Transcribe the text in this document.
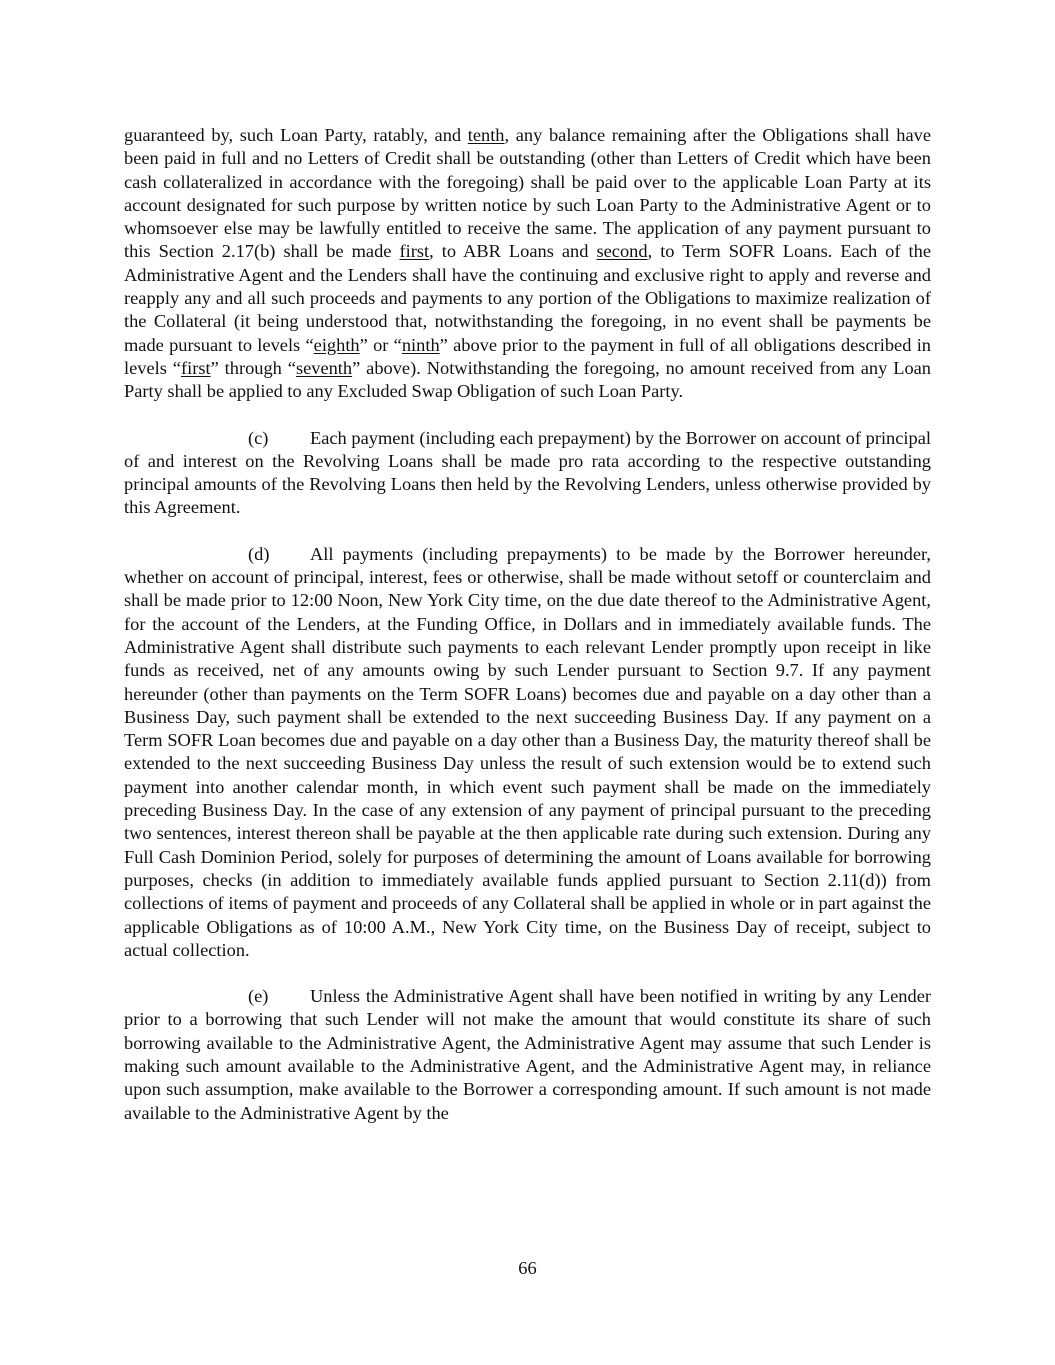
guaranteed by, such Loan Party, ratably, and tenth, any balance remaining after the Obligations shall have been paid in full and no Letters of Credit shall be outstanding (other than Letters of Credit which have been cash collateralized in accordance with the foregoing) shall be paid over to the applicable Loan Party at its account designated for such purpose by written notice by such Loan Party to the Administrative Agent or to whomsoever else may be lawfully entitled to receive the same. The application of any payment pursuant to this Section 2.17(b) shall be made first, to ABR Loans and second, to Term SOFR Loans. Each of the Administrative Agent and the Lenders shall have the continuing and exclusive right to apply and reverse and reapply any and all such proceeds and payments to any portion of the Obligations to maximize realization of the Collateral (it being understood that, notwithstanding the foregoing, in no event shall be payments be made pursuant to levels “eighth” or “ninth” above prior to the payment in full of all obligations described in levels “first” through “seventh” above). Notwithstanding the foregoing, no amount received from any Loan Party shall be applied to any Excluded Swap Obligation of such Loan Party.

(c) Each payment (including each prepayment) by the Borrower on account of principal of and interest on the Revolving Loans shall be made pro rata according to the respective outstanding principal amounts of the Revolving Loans then held by the Revolving Lenders, unless otherwise provided by this Agreement.

(d) All payments (including prepayments) to be made by the Borrower hereunder, whether on account of principal, interest, fees or otherwise, shall be made without setoff or counterclaim and shall be made prior to 12:00 Noon, New York City time, on the due date thereof to the Administrative Agent, for the account of the Lenders, at the Funding Office, in Dollars and in immediately available funds. The Administrative Agent shall distribute such payments to each relevant Lender promptly upon receipt in like funds as received, net of any amounts owing by such Lender pursuant to Section 9.7. If any payment hereunder (other than payments on the Term SOFR Loans) becomes due and payable on a day other than a Business Day, such payment shall be extended to the next succeeding Business Day. If any payment on a Term SOFR Loan becomes due and payable on a day other than a Business Day, the maturity thereof shall be extended to the next succeeding Business Day unless the result of such extension would be to extend such payment into another calendar month, in which event such payment shall be made on the immediately preceding Business Day. In the case of any extension of any payment of principal pursuant to the preceding two sentences, interest thereon shall be payable at the then applicable rate during such extension. During any Full Cash Dominion Period, solely for purposes of determining the amount of Loans available for borrowing purposes, checks (in addition to immediately available funds applied pursuant to Section 2.11(d)) from collections of items of payment and proceeds of any Collateral shall be applied in whole or in part against the applicable Obligations as of 10:00 A.M., New York City time, on the Business Day of receipt, subject to actual collection.

(e) Unless the Administrative Agent shall have been notified in writing by any Lender prior to a borrowing that such Lender will not make the amount that would constitute its share of such borrowing available to the Administrative Agent, the Administrative Agent may assume that such Lender is making such amount available to the Administrative Agent, and the Administrative Agent may, in reliance upon such assumption, make available to the Borrower a corresponding amount. If such amount is not made available to the Administrative Agent by the

66
